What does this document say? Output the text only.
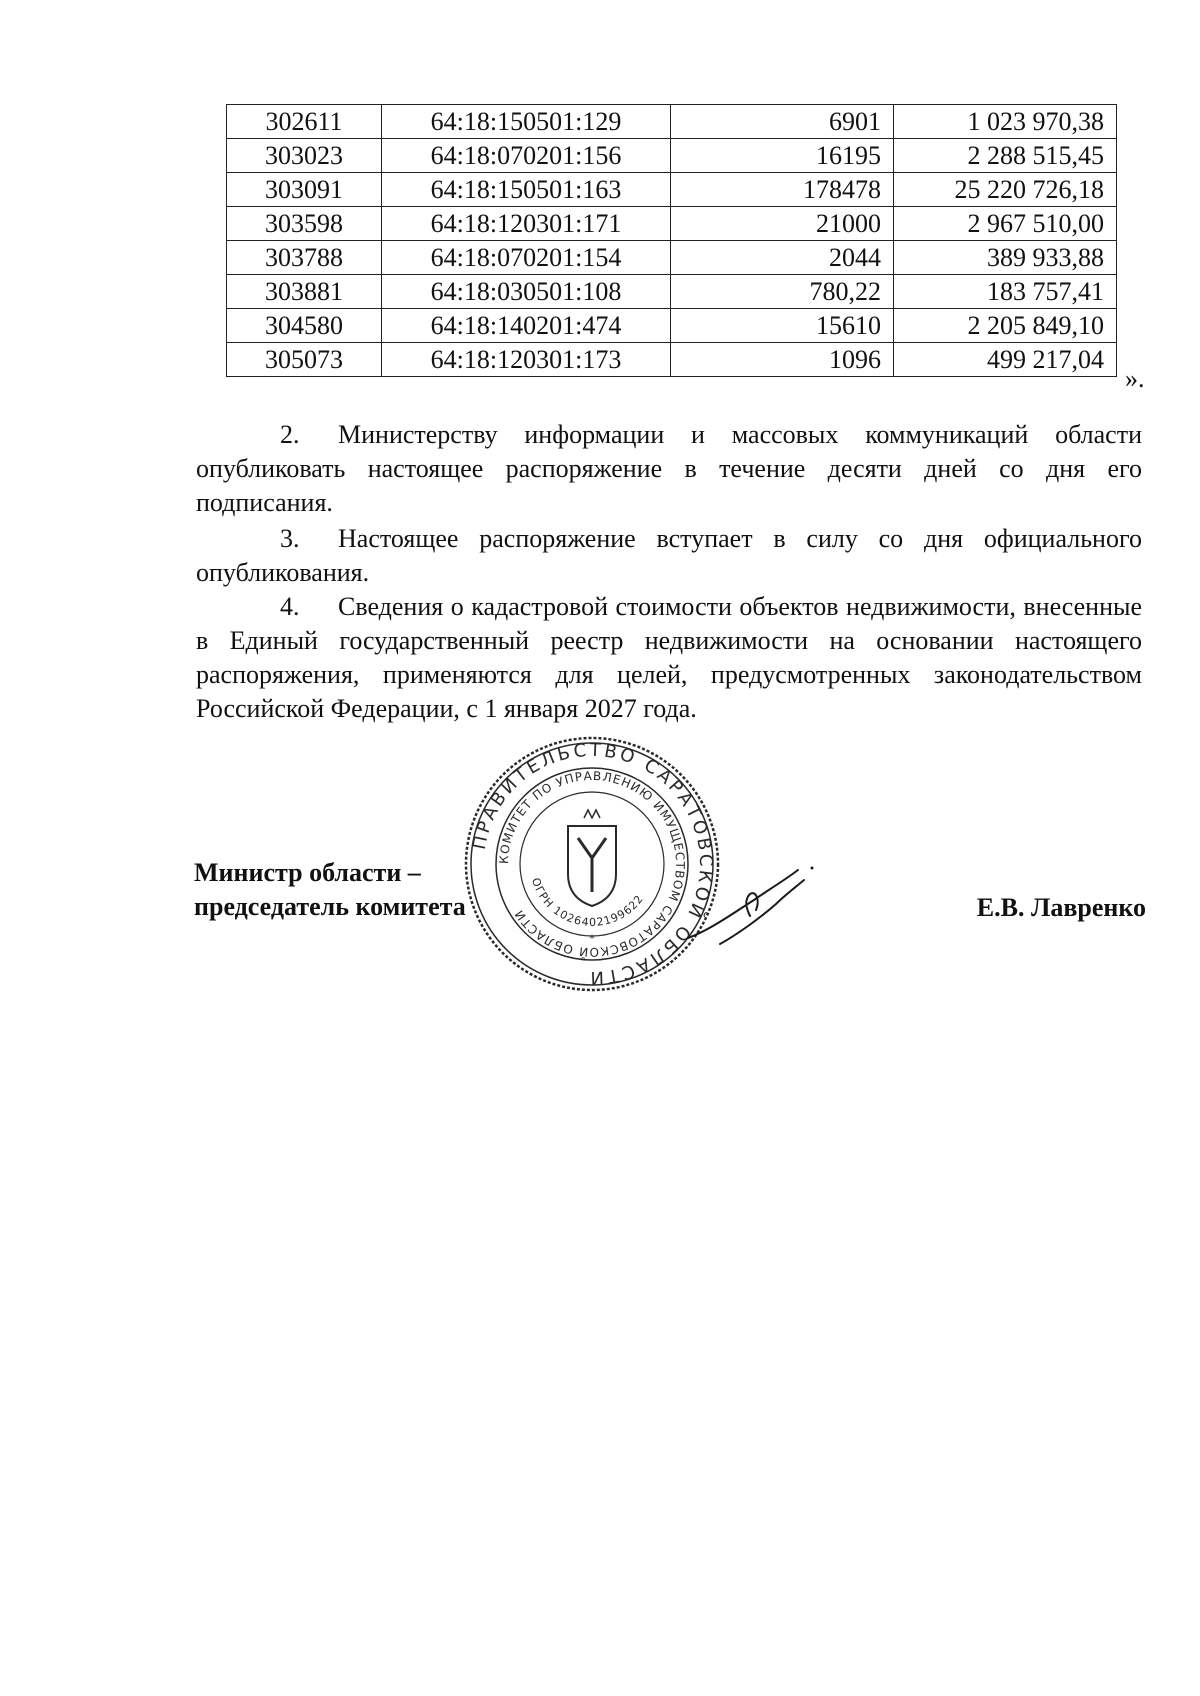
302611	64:18:150501:129	6901	1 023 970,38
303023	64:18:070201:156	16195	2 288 515,45
303091	64:18:150501:163	178478	25 220 726,18
303598	64:18:120301:171	21000	2 967 510,00
303788	64:18:070201:154	2044	389 933,88
303881	64:18:030501:108	780,22	183 757,41
304580	64:18:140201:474	15610	2 205 849,10
305073	64:18:120301:173	1096	499 217,04
».

2. Министерству информации и массовых коммуникаций области опубликовать настоящее распоряжение в течение десяти дней со дня его подписания.

3. Настоящее распоряжение вступает в силу со дня официального опубликования.

4. Сведения о кадастровой стоимости объектов недвижимости, внесенные в Единый государственный реестр недвижимости на основании настоящего распоряжения, применяются для целей, предусмотренных законодательством Российской Федерации, с 1 января 2027 года.

Министр области –
председатель комитета
ПРАВИТЕЛЬСТВО САРАТОВСКОЙ ОБЛАСТИ
КОМИТЕТ ПО УПРАВЛЕНИЮ ИМУЩЕСТВОМ САРАТОВСКОЙ ОБЛАСТИ
ОГРН 1026402199622
*
Е.В. Лавренко
